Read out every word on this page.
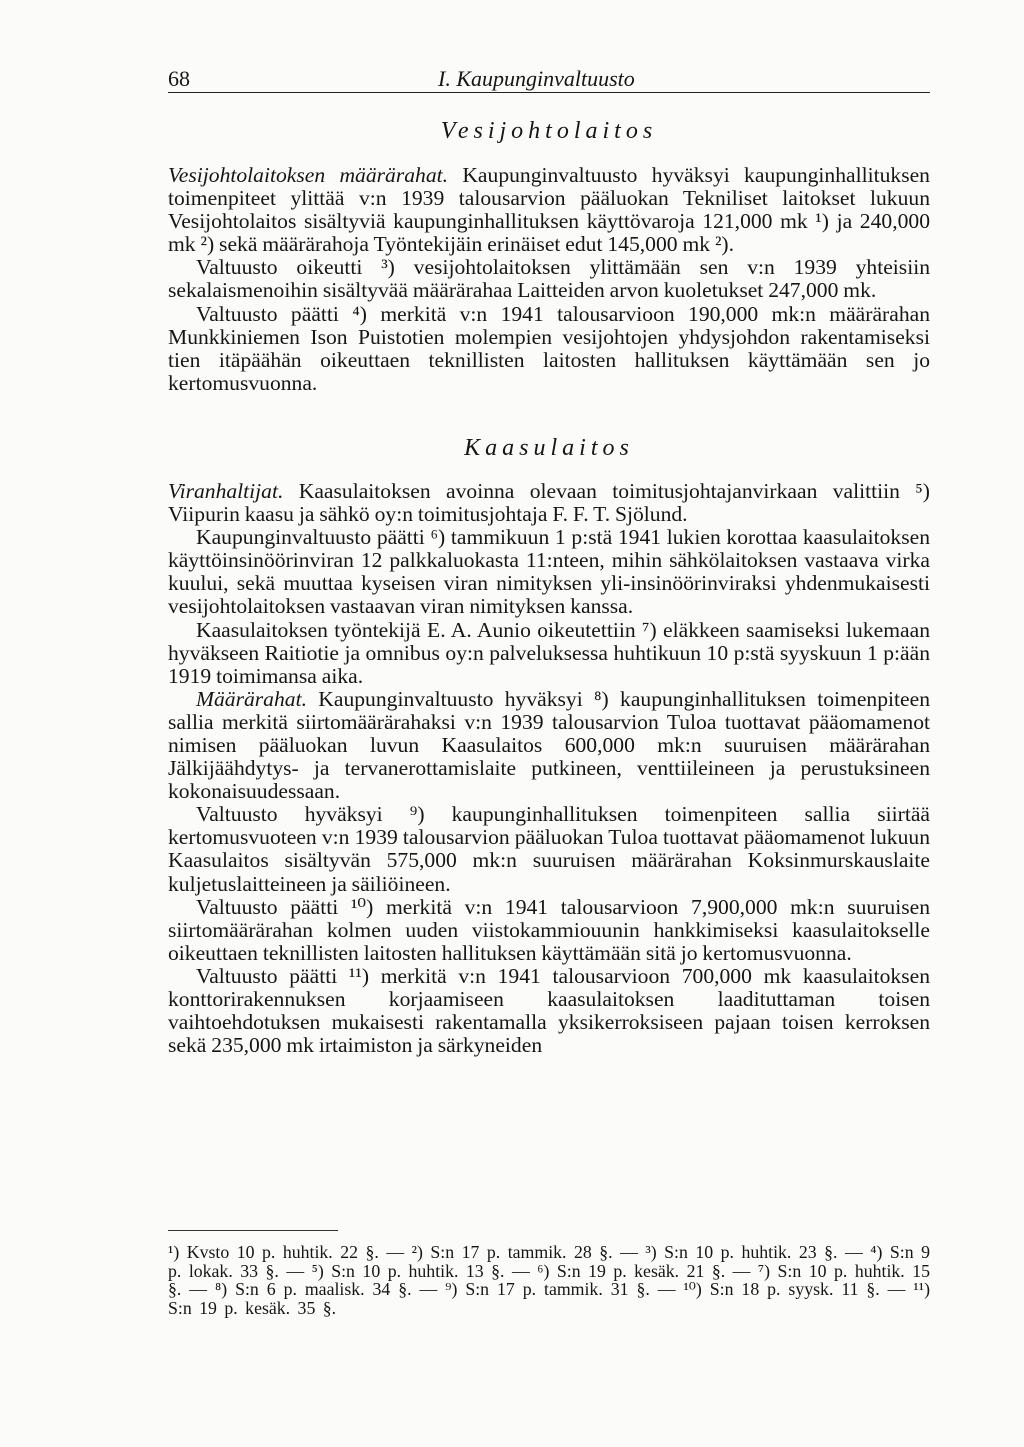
68	I. Kaupunginvaltuusto
Vesijohtolaitos

Vesijohtolaitoksen määrärahat. Kaupunginvaltuusto hyväksyi kaupunginhallituksen toimenpiteet ylittää v:n 1939 talousarvion pääluokan Tekniliset laitokset lukuun Vesijohtolaitos sisältyviä kaupunginhallituksen käyttövaroja 121,000 mk ¹) ja 240,000 mk ²) sekä määrärahoja Työntekijäin erinäiset edut 145,000 mk ²).

Valtuusto oikeutti ³) vesijohtolaitoksen ylittämään sen v:n 1939 yhteisiin sekalaismenoihin sisältyvää määrärahaa Laitteiden arvon kuoletukset 247,000 mk.

Valtuusto päätti ⁴) merkitä v:n 1941 talousarvioon 190,000 mk:n määrärahan Munkkiniemen Ison Puistotien molempien vesijohtojen yhdysjohdon rakentamiseksi tien itäpäähän oikeuttaen teknillisten laitosten hallituksen käyttämään sen jo kertomusvuonna.

Kaasulaitos

Viranhaltijat. Kaasulaitoksen avoinna olevaan toimitusjohtajanvirkaan valittiin ⁵) Viipurin kaasu ja sähkö oy:n toimitusjohtaja F. F. T. Sjölund.

Kaupunginvaltuusto päätti ⁶) tammikuun 1 p:stä 1941 lukien korottaa kaasulaitoksen käyttöinsinöörinviran 12 palkkaluokasta 11:nteen, mihin sähkölaitoksen vastaava virka kuului, sekä muuttaa kyseisen viran nimityksen yli-insinöörinviraksi yhdenmukaisesti vesijohtolaitoksen vastaavan viran nimityksen kanssa.

Kaasulaitoksen työntekijä E. A. Aunio oikeutettiin ⁷) eläkkeen saamiseksi lukemaan hyväkseen Raitiotie ja omnibus oy:n palveluksessa huhtikuun 10 p:stä syyskuun 1 p:ään 1919 toimimansa aika.

Määrärahat. Kaupunginvaltuusto hyväksyi ⁸) kaupunginhallituksen toimenpiteen sallia merkitä siirtomäärärahaksi v:n 1939 talousarvion Tuloa tuottavat pääomamenot nimisen pääluokan luvun Kaasulaitos 600,000 mk:n suuruisen määrärahan Jälkijäähdytys- ja tervanerottamislaite putkineen, venttiileineen ja perustuksineen kokonaisuudessaan.

Valtuusto hyväksyi ⁹) kaupunginhallituksen toimenpiteen sallia siirtää kertomusvuoteen v:n 1939 talousarvion pääluokan Tuloa tuottavat pääomamenot lukuun Kaasulaitos sisältyvän 575,000 mk:n suuruisen määrärahan Koksinmurskauslaite kuljetuslaitteineen ja säiliöineen.

Valtuusto päätti ¹⁰) merkitä v:n 1941 talousarvioon 7,900,000 mk:n suuruisen siirtomäärärahan kolmen uuden viistokammiouunin hankkimiseksi kaasulaitokselle oikeuttaen teknillisten laitosten hallituksen käyttämään sitä jo kertomusvuonna.

Valtuusto päätti ¹¹) merkitä v:n 1941 talousarvioon 700,000 mk kaasulaitoksen konttorirakennuksen korjaamiseen kaasulaitoksen laadituttaman toisen vaihtoehdotuksen mukaisesti rakentamalla yksikerroksiseen pajaan toisen kerroksen sekä 235,000 mk irtaimiston ja särkyneiden

¹) Kvsto 10 p. huhtik. 22 §. — ²) S:n 17 p. tammik. 28 §. — ³) S:n 10 p. huhtik. 23 §. — ⁴) S:n 9 p. lokak. 33 §. — ⁵) S:n 10 p. huhtik. 13 §. — ⁶) S:n 19 p. kesäk. 21 §. — ⁷) S:n 10 p. huhtik. 15 §. — ⁸) S:n 6 p. maalisk. 34 §. — ⁹) S:n 17 p. tammik. 31 §. — ¹⁰) S:n 18 p. syysk. 11 §. — ¹¹) S:n 19 p. kesäk. 35 §.
